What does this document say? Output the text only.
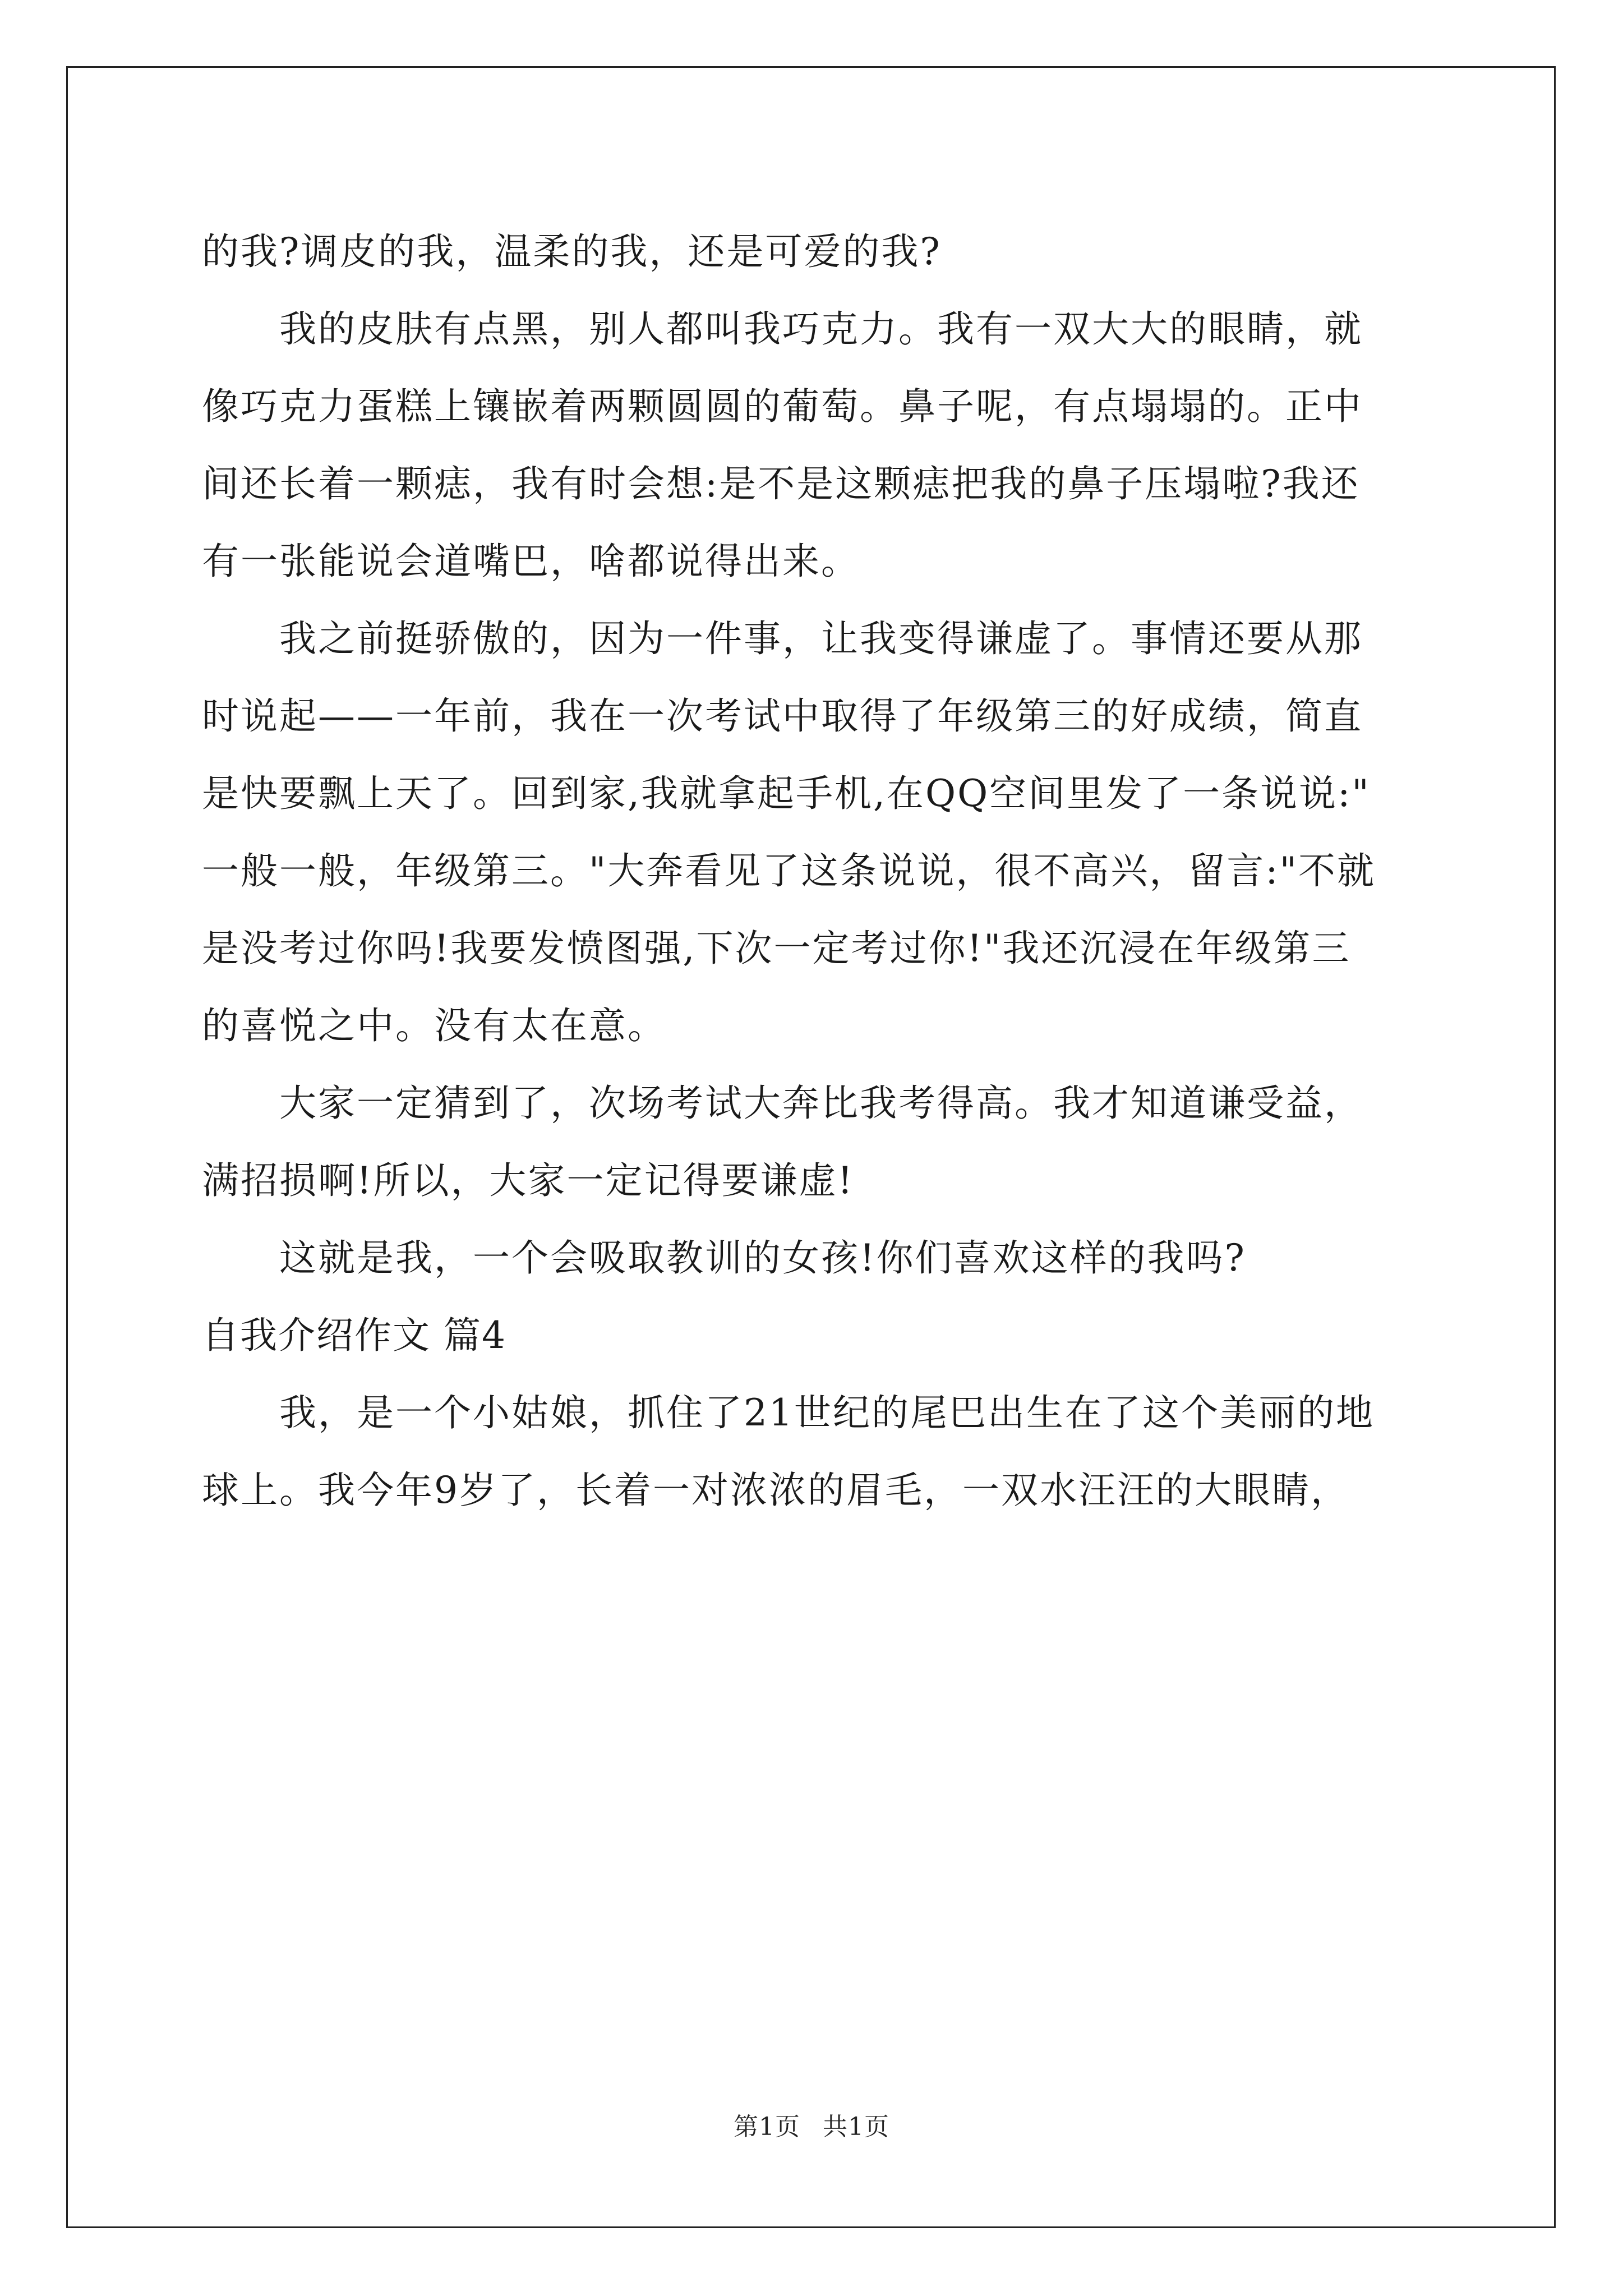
的我?调皮的我，温柔的我，还是可爱的我?
我的皮肤有点黑，别人都叫我巧克力。我有一双大大的眼睛，就
像巧克力蛋糕上镶嵌着两颗圆圆的葡萄。鼻子呢，有点塌塌的。正中
间还长着一颗痣，我有时会想:是不是这颗痣把我的鼻子压塌啦?我还
有一张能说会道嘴巴，啥都说得出来。
我之前挺骄傲的，因为一件事，让我变得谦虚了。事情还要从那
时说起——一年前，我在一次考试中取得了年级第三的好成绩，简直
是快要飘上天了。回到家,我就拿起手机,在QQ空间里发了一条说说:"
一般一般，年级第三。"大奔看见了这条说说，很不高兴，留言:"不就
是没考过你吗!我要发愤图强,下次一定考过你!"我还沉浸在年级第三
的喜悦之中。没有太在意。
大家一定猜到了，次场考试大奔比我考得高。我才知道谦受益，
满招损啊!所以，大家一定记得要谦虚!
这就是我，一个会吸取教训的女孩!你们喜欢这样的我吗?
自我介绍作文 篇4
我，是一个小姑娘，抓住了21世纪的尾巴出生在了这个美丽的地
球上。我今年9岁了，长着一对浓浓的眉毛，一双水汪汪的大眼睛，
第1页 共1页
